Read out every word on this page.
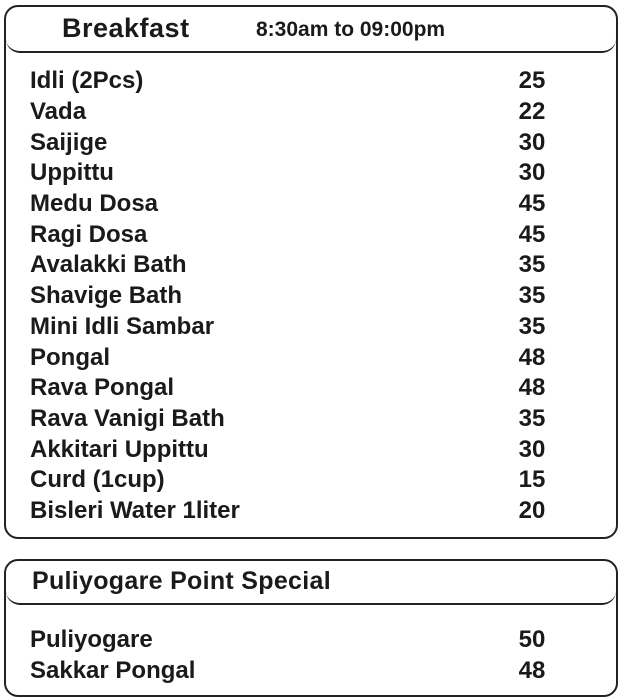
Breakfast	8:30am to 09:00pm
Idli (2Pcs)	25
Vada	22
Saijige	30
Uppittu	30
Medu Dosa	45
Ragi Dosa	45
Avalakki Bath	35
Shavige Bath	35
Mini Idli Sambar	35
Pongal	48
Rava Pongal	48
Rava Vanigi Bath	35
Akkitari Uppittu	30
Curd (1cup)	15
Bisleri Water 1liter	20
Puliyogare Point Special
Puliyogare	50
Sakkar Pongal	48
